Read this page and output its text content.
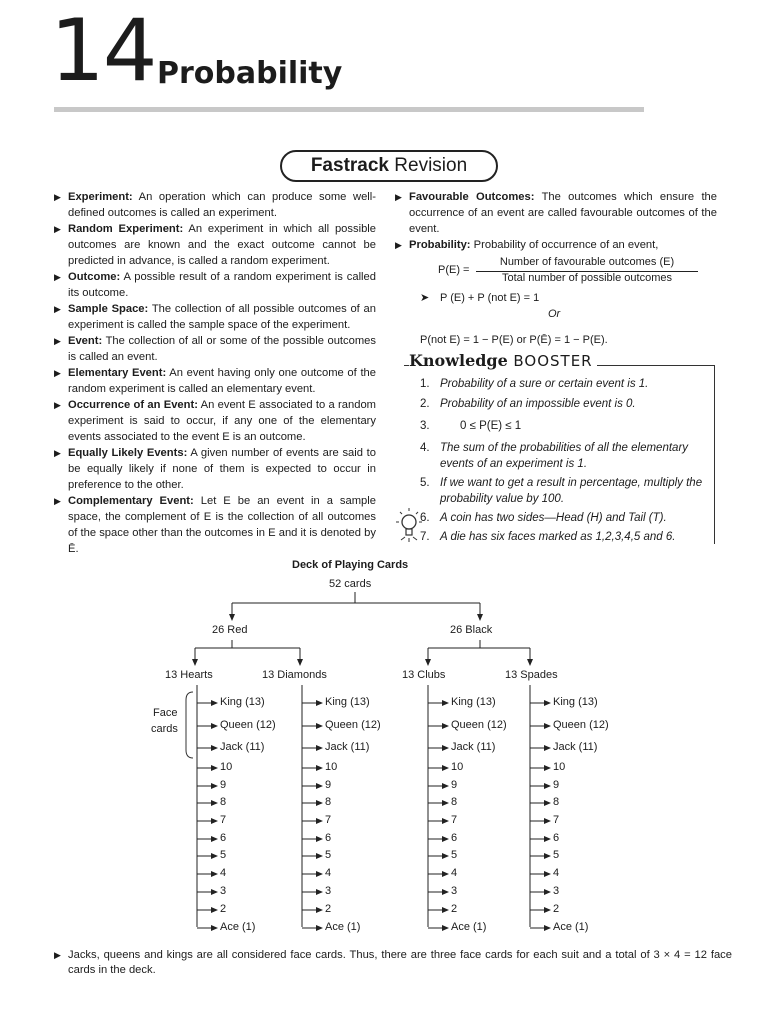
14 Probability
Fastrack Revision
▶ Experiment: An operation which can produce some well-defined outcomes is called an experiment.
▶ Random Experiment: An experiment in which all possible outcomes are known and the exact outcome cannot be predicted in advance, is called a random experiment.
▶ Outcome: A possible result of a random experiment is called its outcome.
▶ Sample Space: The collection of all possible outcomes of an experiment is called the sample space of the experiment.
▶ Event: The collection of all or some of the possible outcomes is called an event.
▶ Elementary Event: An event having only one outcome of the random experiment is called an elementary event.
▶ Occurrence of an Event: An event E associated to a random experiment is said to occur, if any one of the elementary events associated to the event E is an outcome.
▶ Equally Likely Events: A given number of events are said to be equally likely if none of them is expected to occur in preference to the other.
▶ Complementary Event: Let E be an event in a sample space, the complement of E is the collection of all outcomes of the space other than the outcomes in E and it is denoted by Ē.
▶ Favourable Outcomes: The outcomes which ensure the occurrence of an event are called favourable outcomes of the event.
▶ Probability: Probability of occurrence of an event,
P(E) =
Number of favourable outcomes (E)
Total number of possible outcomes
➤ P (E) + P (not E) = 1
Or
P(not E) = 1 − P(E) or P(Ē) = 1 − P(E).
Knowledge BOOSTER
1. Probability of a sure or certain event is 1.
2. Probability of an impossible event is 0.
3.	0 ≤ P(E) ≤ 1
4. The sum of the probabilities of all the elementary events of an experiment is 1.
5. If we want to get a result in percentage, multiply the probability value by 100.
6. A coin has two sides—Head (H) and Tail (T).
7. A die has six faces marked as 1,2,3,4,5 and 6.
Deck of Playing Cards
52 cards
26 Red	26 Black
13 Hearts	13 Diamonds	13 Clubs	13 Spades
Face
cards
King (13)
Queen (12)
Jack (11)
10
9
8
7
6
5
4
3
2
Ace (1)
King (13)
Queen (12)
Jack (11)
10
9
8
7
6
5
4
3
2
Ace (1)
King (13)
Queen (12)
Jack (11)
10
9
8
7
6
5
4
3
2
Ace (1)
King (13)
Queen (12)
Jack (11)
10
9
8
7
6
5
4
3
2
Ace (1)
▶ Jacks, queens and kings are all considered face cards. Thus, there are three face cards for each suit and a total of 3 × 4 = 12 face cards in the deck.
